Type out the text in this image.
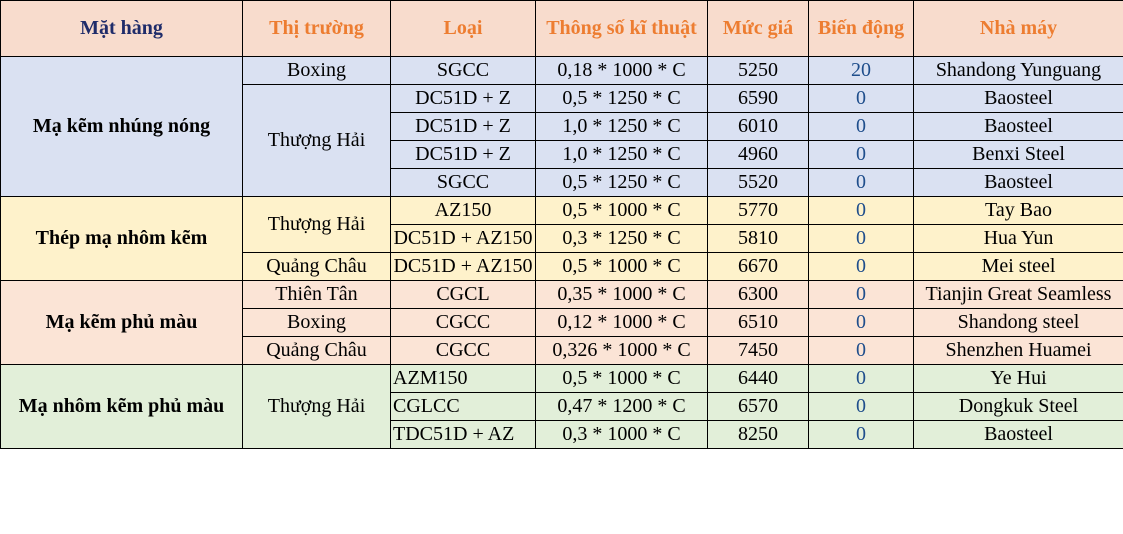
Mặt hàng	Thị trường	Loại	Thông số kĩ thuật	Mức giá	Biến động	Nhà máy
Mạ kẽm nhúng nóng	Boxing	SGCC	0,18 * 1000 * C	5250	20	Shandong Yunguang
	Thượng Hải	DC51D + Z	0,5 * 1250 * C	6590	0	Baosteel
		DC51D + Z	1,0 * 1250 * C	6010	0	Baosteel
		DC51D + Z	1,0 * 1250 * C	4960	0	Benxi Steel
		SGCC	0,5 * 1250 * C	5520	0	Baosteel
Thép mạ nhôm kẽm	Thượng Hải	AZ150	0,5 * 1000 * C	5770	0	Tay Bao
		DC51D + AZ150	0,3 * 1250 * C	5810	0	Hua Yun

	Quảng Châu	DC51D + AZ150	0,5 * 1000 * C	6670	0	Mei steel

Mạ kẽm phủ màu	Thiên Tân	CGCL	0,35 * 1000 * C	6300	0	Tianjin Great Seamless

	Boxing	CGCC	0,12 * 1000 * C	6510	0	Shandong steel
	Quảng Châu	CGCC	0,326 * 1000 * C	7450	0	Shenzhen Huamei
Mạ nhôm kẽm phủ màu	Thượng Hải	AZM150	0,5 * 1000 * C	6440	0	Ye Hui
		CGLCC	0,47 * 1200 * C	6570	0	Dongkuk Steel
		TDC51D + AZ	0,3 * 1000 * C	8250	0	Baosteel
